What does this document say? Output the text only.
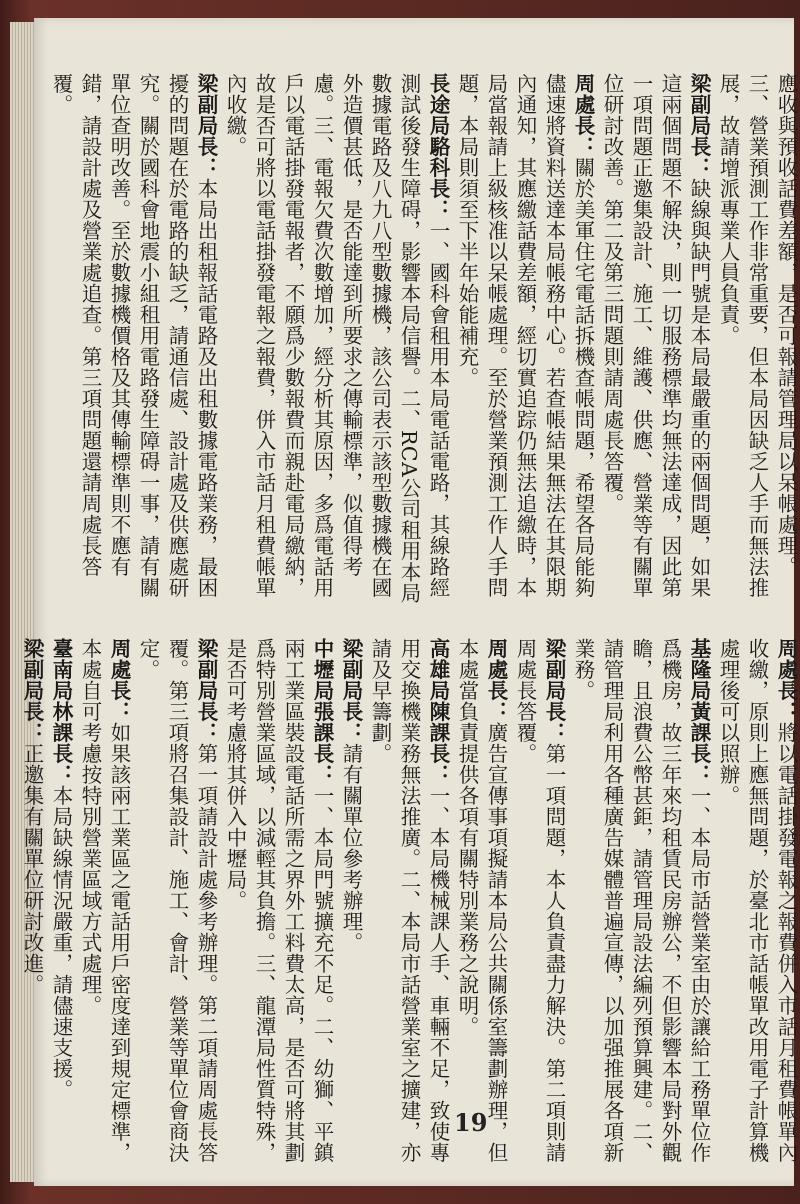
應收與預收話費差額，是否可報請管理局以呆帳處理。三、營業預測工作非常重要，但本局因缺乏人手而無法推展，故請增派專業人員負責。

梁副局長：缺線與缺門號是本局最嚴重的兩個問題，如果這兩個問題不解決，則一切服務標準均無法達成，因此第一項問題正邀集設計、施工、維護、供應、營業等有關單位研討改善。第二及第三問題則請周處長答覆。

周處長：關於美軍住宅電話拆機查帳問題，希望各局能夠儘速將資料送達本局帳務中心。若查帳結果無法在其限期內通知，其應繳話費差額，經切實追踪仍無法追繳時，本局當報請上級核准以呆帳處理。至於營業預測工作人手問題，本局則須至下半年始能補充。

長途局駱科長：一、國科會租用本局電話電路，其線路經測試後發生障碍，影響本局信譽。二、RCA公司租用本局數據電路及八九八型數據機，該公司表示該型數據機在國外造價甚低，是否能達到所要求之傳輸標準，似值得考慮。三、電報欠費次數增加，經分析其原因，多爲電話用戶以電話掛發電報者，不願爲少數報費而親赴電局繳納，故是否可將以電話掛發電報之報費，併入市話月租費帳單內收繳。

梁副局長：本局出租報話電路及出租數據電路業務，最困擾的問題在於電路的缺乏，請通信處、設計處及供應處研究。關於國科會地震小組租用電路發生障碍一事，請有關單位查明改善。至於數據機價格及其傳輸標準則不應有錯，請設計處及營業處追查。第三項問題還請周處長答覆。

周處長：將以電話掛發電報之報費併入市話月租費帳單內收繳，原則上應無問題，於臺北市話帳單改用電子計算機處理後可以照辦。

基隆局黃課長：一、本局市話營業室由於讓給工務單位作爲機房，故三年來均租賃民房辦公，不但影響本局對外觀瞻，且浪費公幣甚鉅，請管理局設法編列預算興建。二、請管理局利用各種廣告媒體普遍宣傳，以加强推展各項新業務。

梁副局長：第一項問題，本人負責盡力解決。第二項則請周處長答覆。

周處長：廣告宣傳事項擬請本局公共關係室籌劃辦理，但本處當負責提供各項有關特別業務之說明。

高雄局陳課長：一、本局機械課人手、車輛不足，致使專用交換機業務無法推廣。二、本局市話營業室之擴建，亦請及早籌劃。

梁副局長：請有關單位參考辦理。

中壢局張課長：一、本局門號擴充不足。二、幼獅、平鎮兩工業區裝設電話所需之界外工料費太高，是否可將其劃爲特別營業區域，以減輕其負擔。三、龍潭局性質特殊，是否可考慮將其併入中壢局。

梁副局長：第一項請設計處參考辦理。第二項請周處長答覆。第三項將召集設計、施工、會計、營業等單位會商決定。

周處長：如果該兩工業區之電話用戶密度達到規定標準，本處自可考慮按特別營業區域方式處理。

臺南局林課長：本局缺線情況嚴重，請儘速支援。

梁副局長：正邀集有關單位研討改進。

19
